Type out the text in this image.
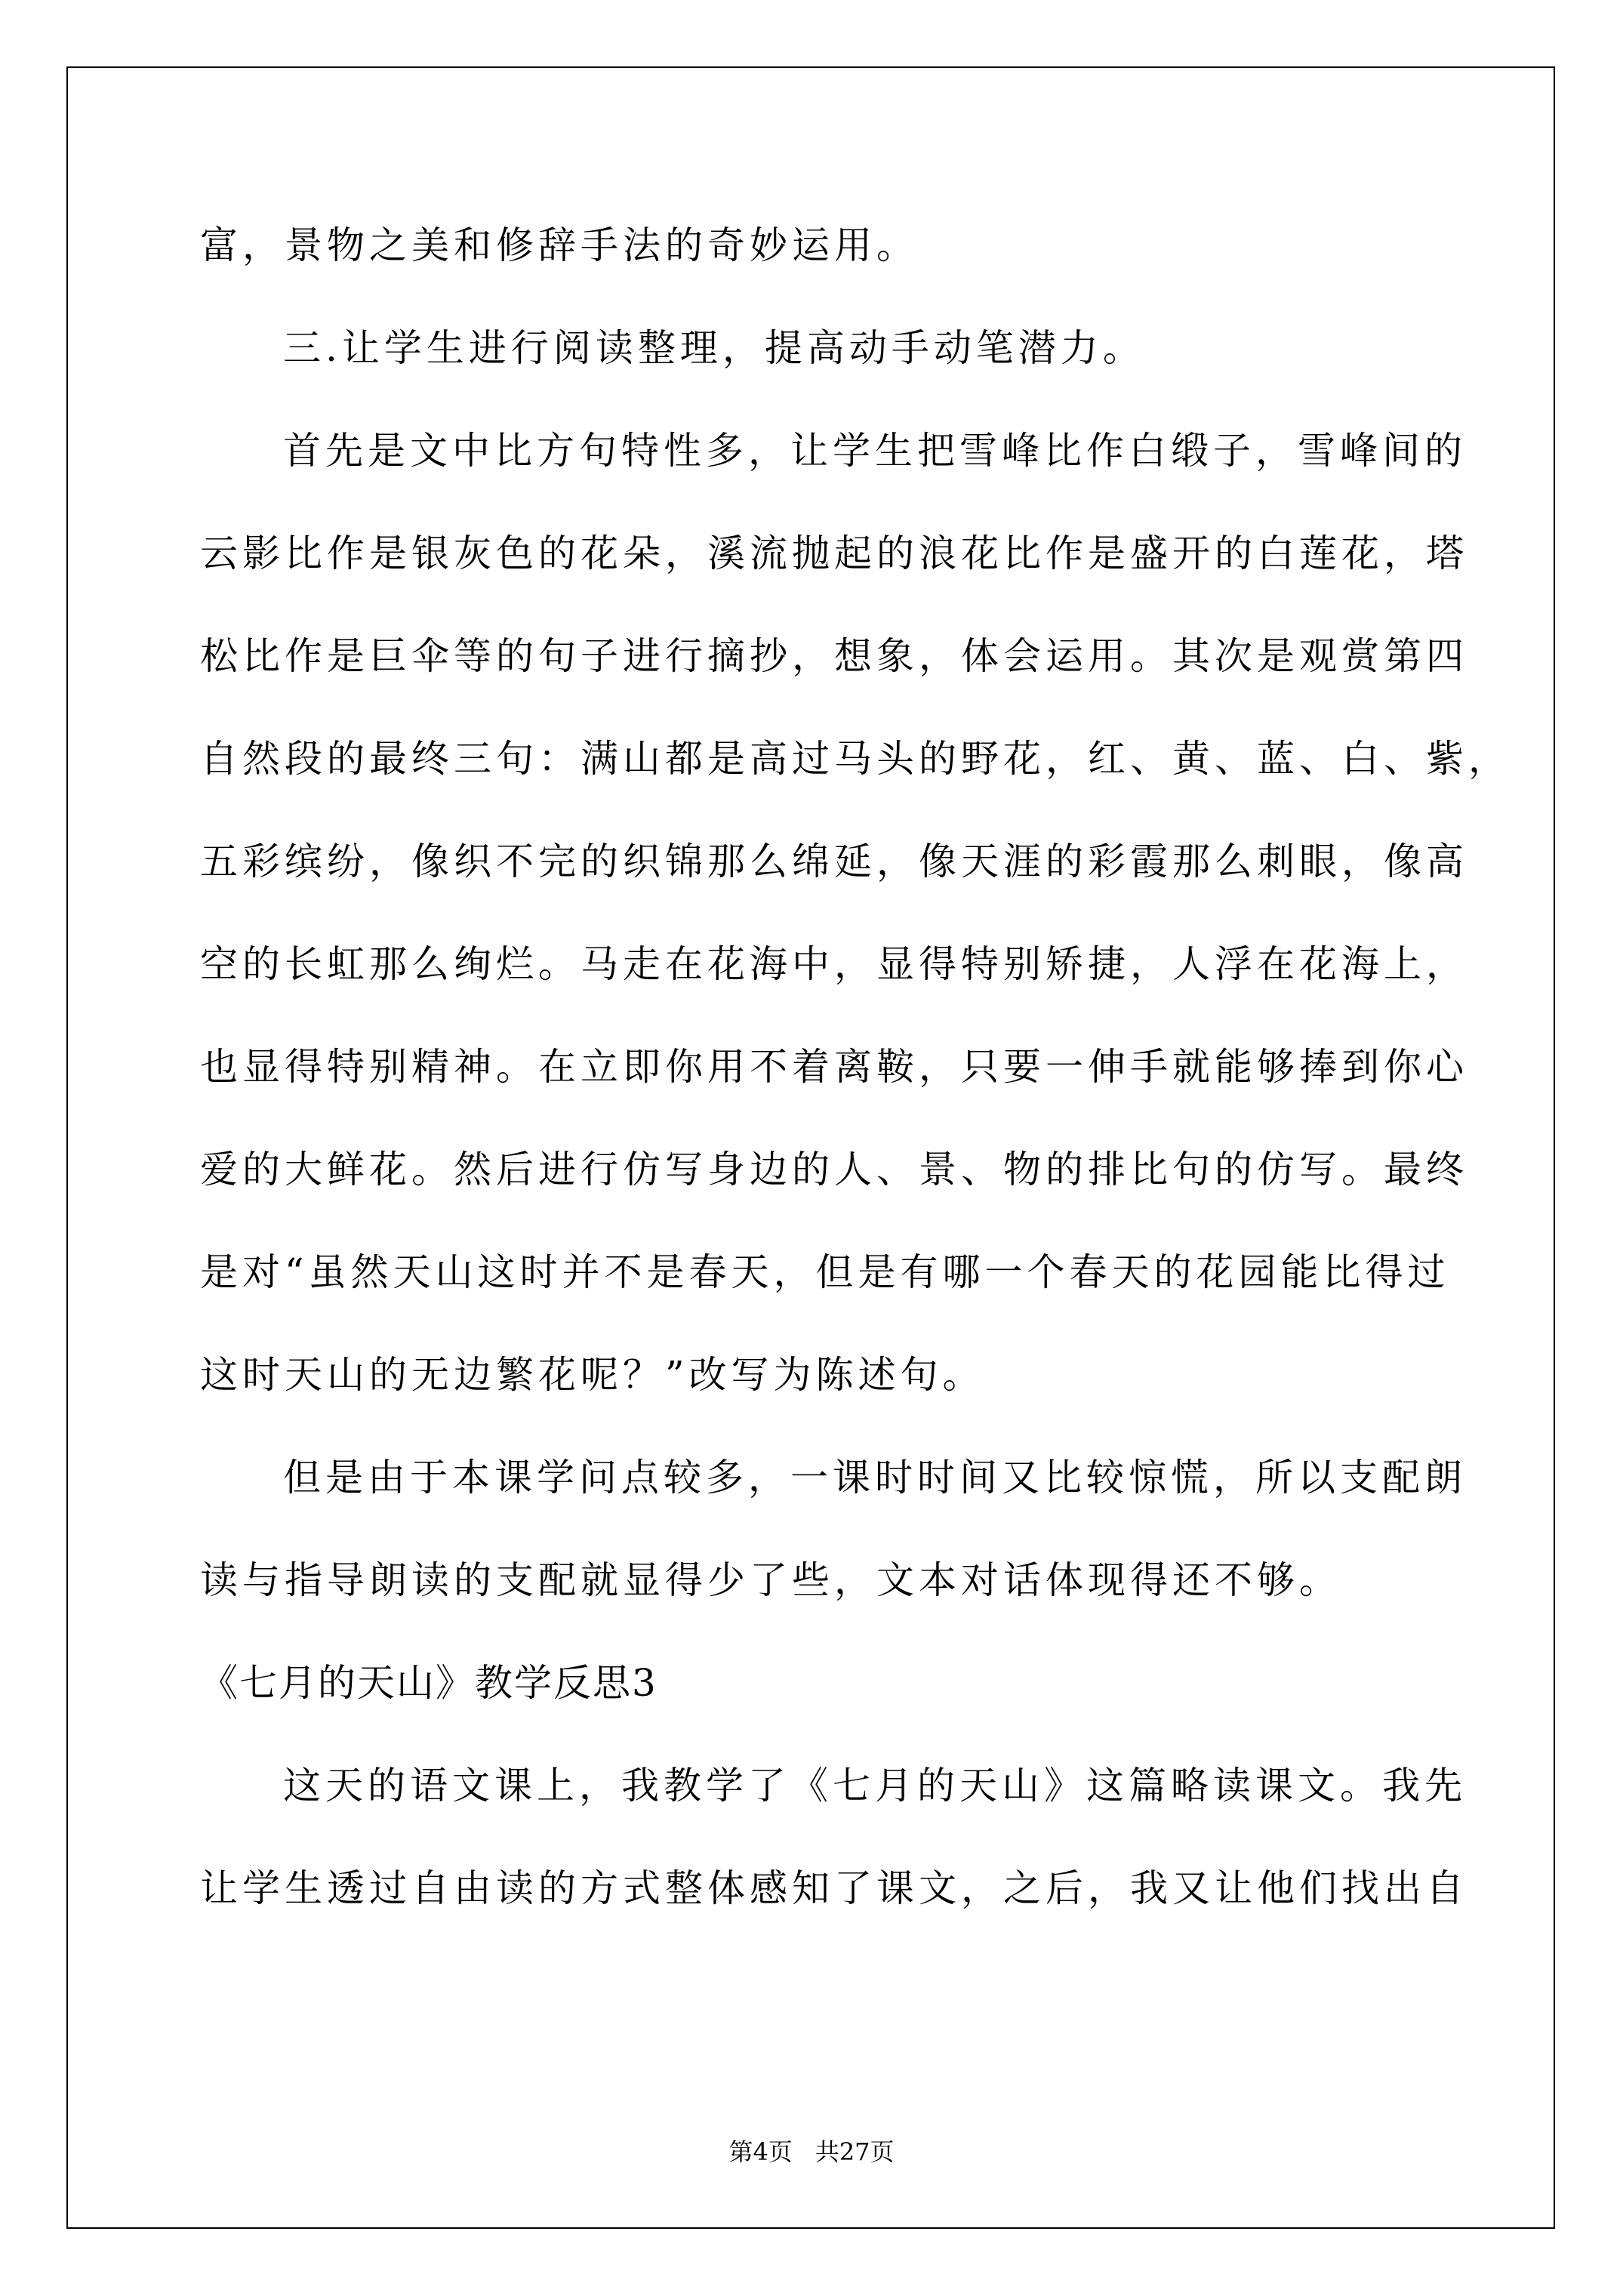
富，景物之美和修辞手法的奇妙运用。
三.让学生进行阅读整理，提高动手动笔潜力。
首先是文中比方句特性多，让学生把雪峰比作白缎子，雪峰间的
云影比作是银灰色的花朵，溪流抛起的浪花比作是盛开的白莲花，塔
松比作是巨伞等的句子进行摘抄，想象，体会运用。其次是观赏第四
自然段的最终三句：满山都是高过马头的野花，红、黄、蓝、白、紫，
五彩缤纷，像织不完的织锦那么绵延，像天涯的彩霞那么刺眼，像高
空的长虹那么绚烂。马走在花海中，显得特别矫捷，人浮在花海上，
也显得特别精神。在立即你用不着离鞍，只要一伸手就能够捧到你心
爱的大鲜花。然后进行仿写身边的人、景、物的排比句的仿写。最终
是对“虽然天山这时并不是春天，但是有哪一个春天的花园能比得过
这时天山的无边繁花呢？”改写为陈述句。
但是由于本课学问点较多，一课时时间又比较惊慌，所以支配朗
读与指导朗读的支配就显得少了些，文本对话体现得还不够。
《七月的天山》教学反思3
这天的语文课上，我教学了《七月的天山》这篇略读课文。我先
让学生透过自由读的方式整体感知了课文，之后，我又让他们找出自
第4页 共27页
